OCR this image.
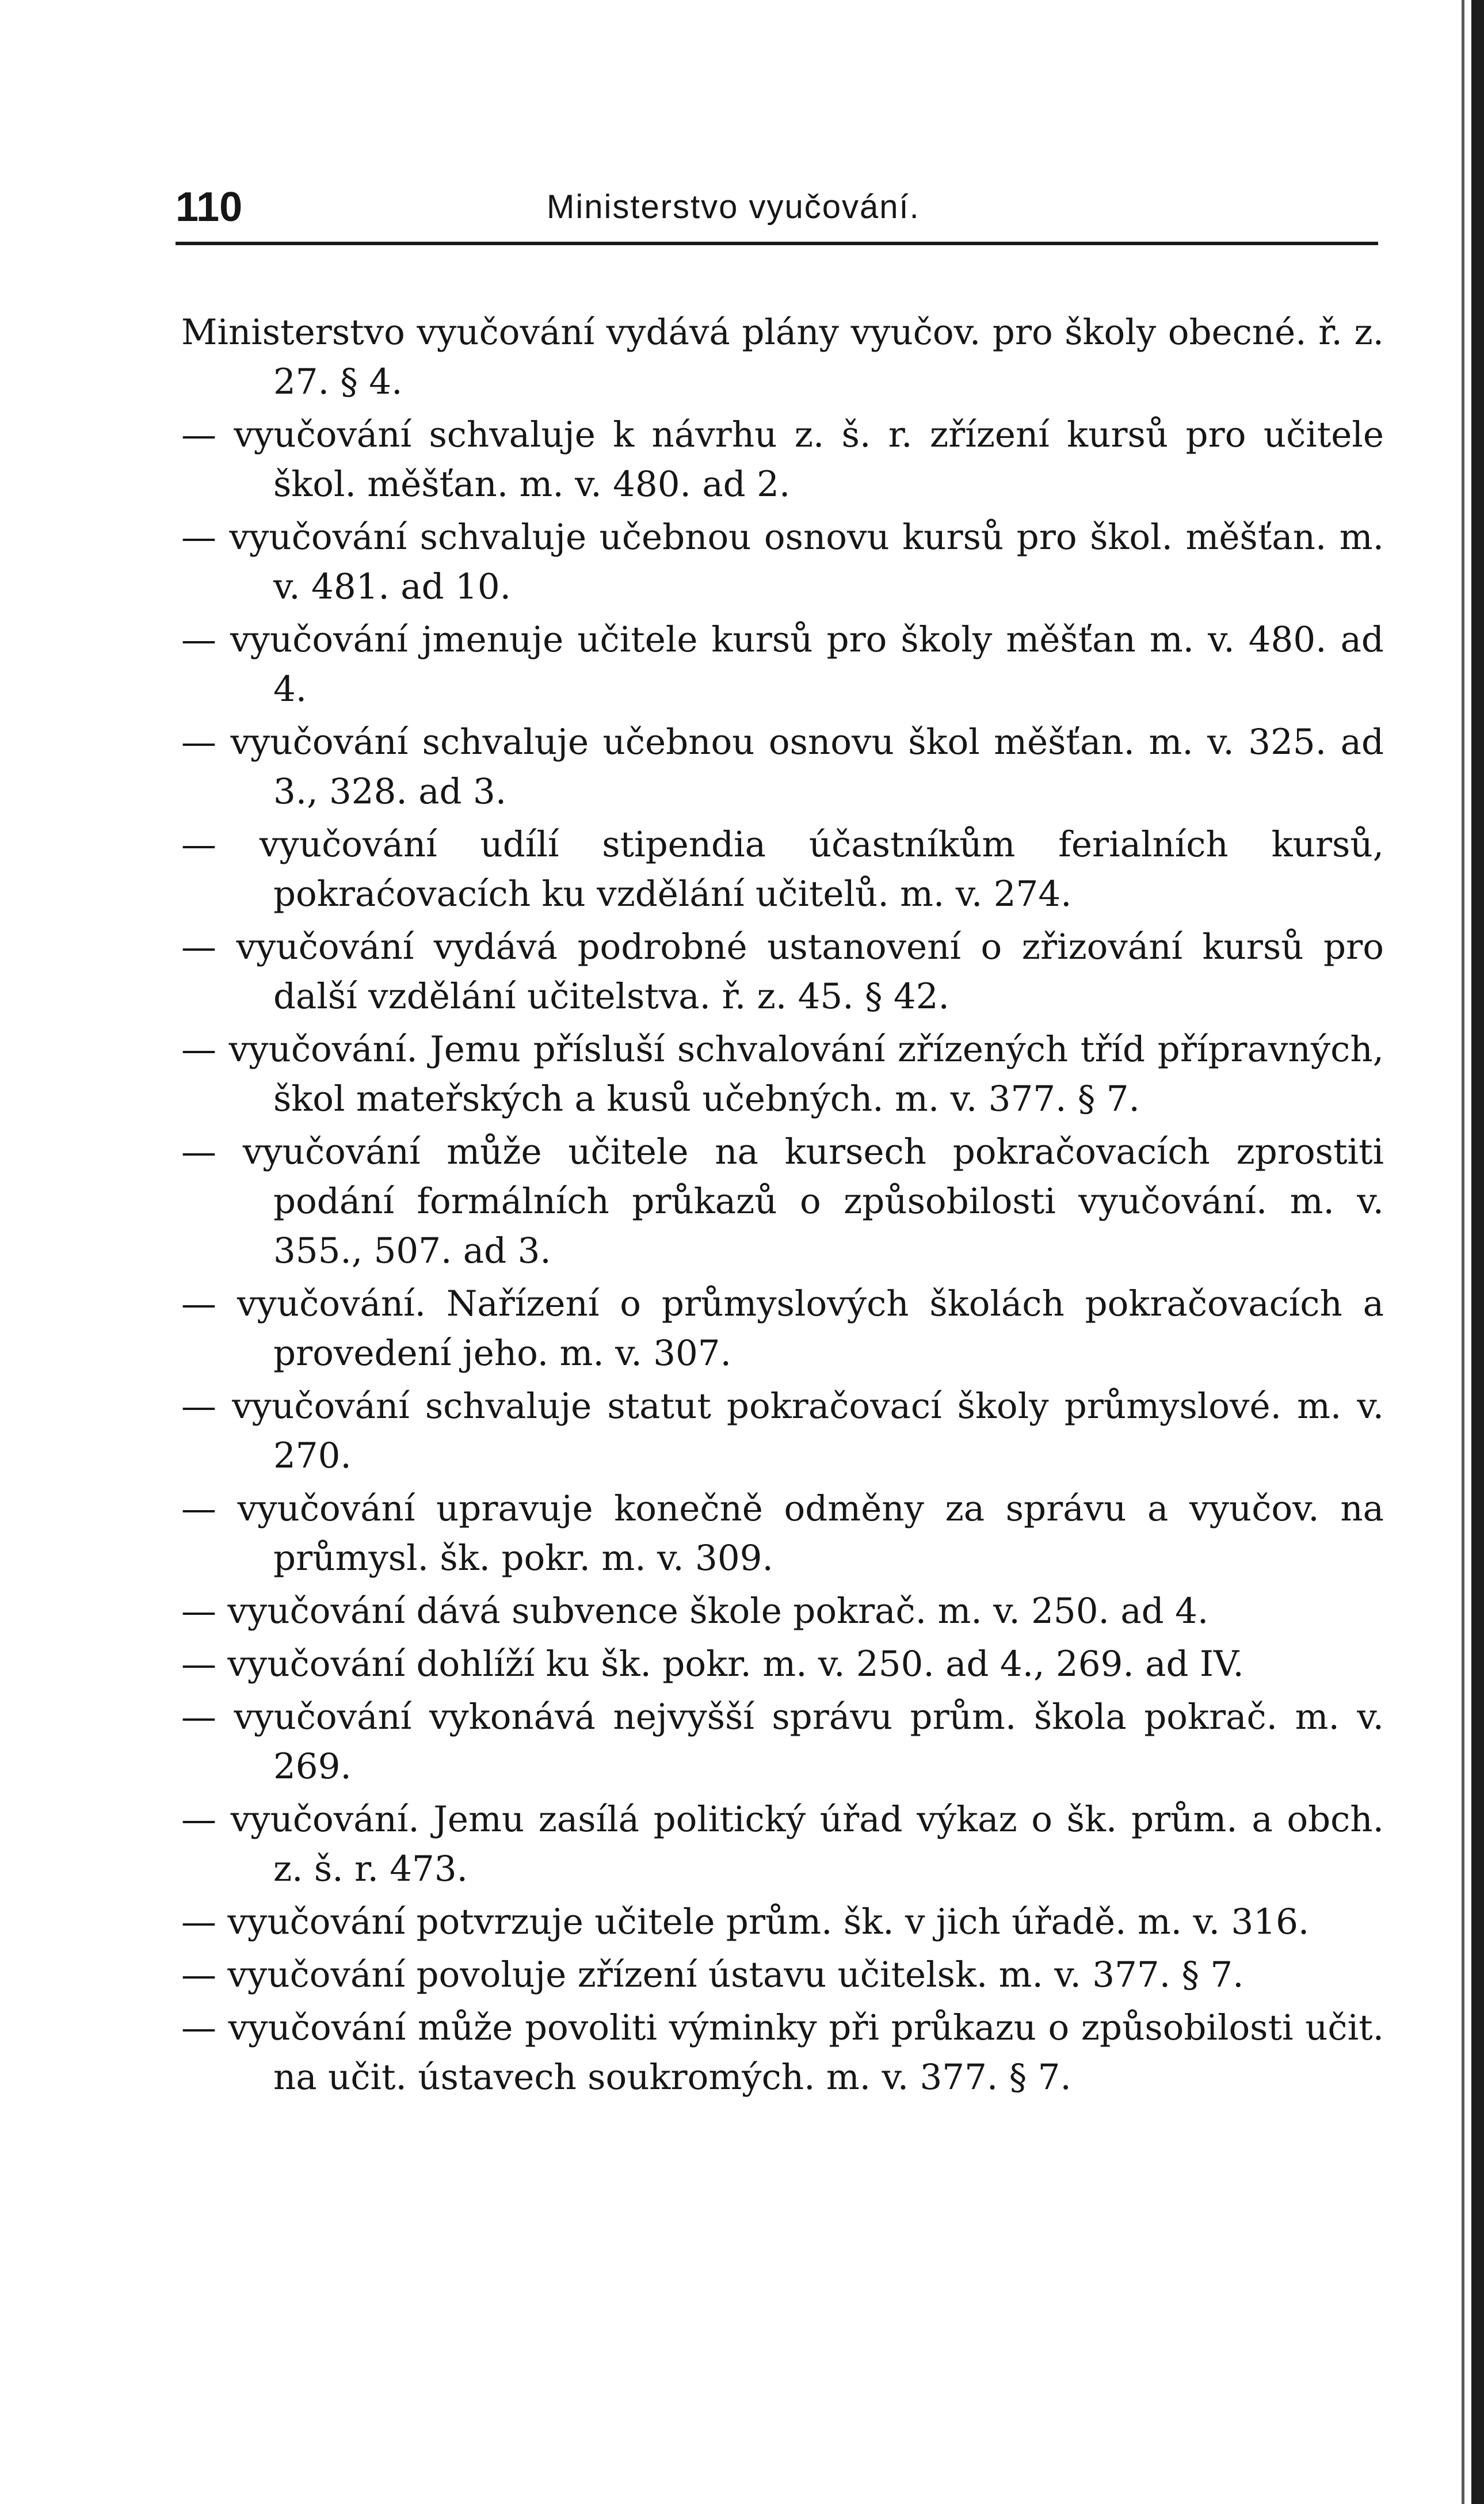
110	Ministerstvo vyučování.

Ministerstvo vyučování vydává plány vyučov. pro školy obecné. ř. z. 27. § 4.

— vyučování schvaluje k návrhu z. š. r. zřízení kursů pro učitele škol. měšťan. m. v. 480. ad 2.

— vyučování schvaluje učebnou osnovu kursů pro škol. měšťan. m. v. 481. ad 10.

— vyučování jmenuje učitele kursů pro školy měšťan m. v. 480. ad 4.

— vyučování schvaluje učebnou osnovu škol měšťan. m. v. 325. ad 3., 328. ad 3.

— vyučování udílí stipendia účastníkům ferialních kursů, pokraćovacích ku vzdělání učitelů. m. v. 274.

— vyučování vydává podrobné ustanovení o zřizování kursů pro další vzdělání učitelstva. ř. z. 45. § 42.

— vyučování. Jemu přísluší schvalování zřízených tříd přípravných, škol mateřských a kusů učebných. m. v. 377. § 7.

— vyučování může učitele na kursech pokračovacích zprostiti podání formálních průkazů o způsobilosti vyučování. m. v. 355., 507. ad 3.

— vyučování. Nařízení o průmyslových školách pokračovacích a provedení jeho. m. v. 307.

— vyučování schvaluje statut pokračovací školy průmyslové. m. v. 270.

— vyučování upravuje konečně odměny za správu a vyučov. na průmysl. šk. pokr. m. v. 309.

— vyučování dává subvence škole pokrač. m. v. 250. ad 4.

— vyučování dohlíží ku šk. pokr. m. v. 250. ad 4., 269. ad IV.

— vyučování vykonává nejvyšší správu prům. škola pokrač. m. v. 269.

— vyučování. Jemu zasílá politický úřad výkaz o šk. prům. a obch. z. š. r. 473.

— vyučování potvrzuje učitele prům. šk. v jich úřadě. m. v. 316.

— vyučování povoluje zřízení ústavu učitelsk. m. v. 377. § 7.

— vyučování může povoliti výminky při průkazu o způsobilosti učit. na učit. ústavech soukromých. m. v. 377. § 7.
